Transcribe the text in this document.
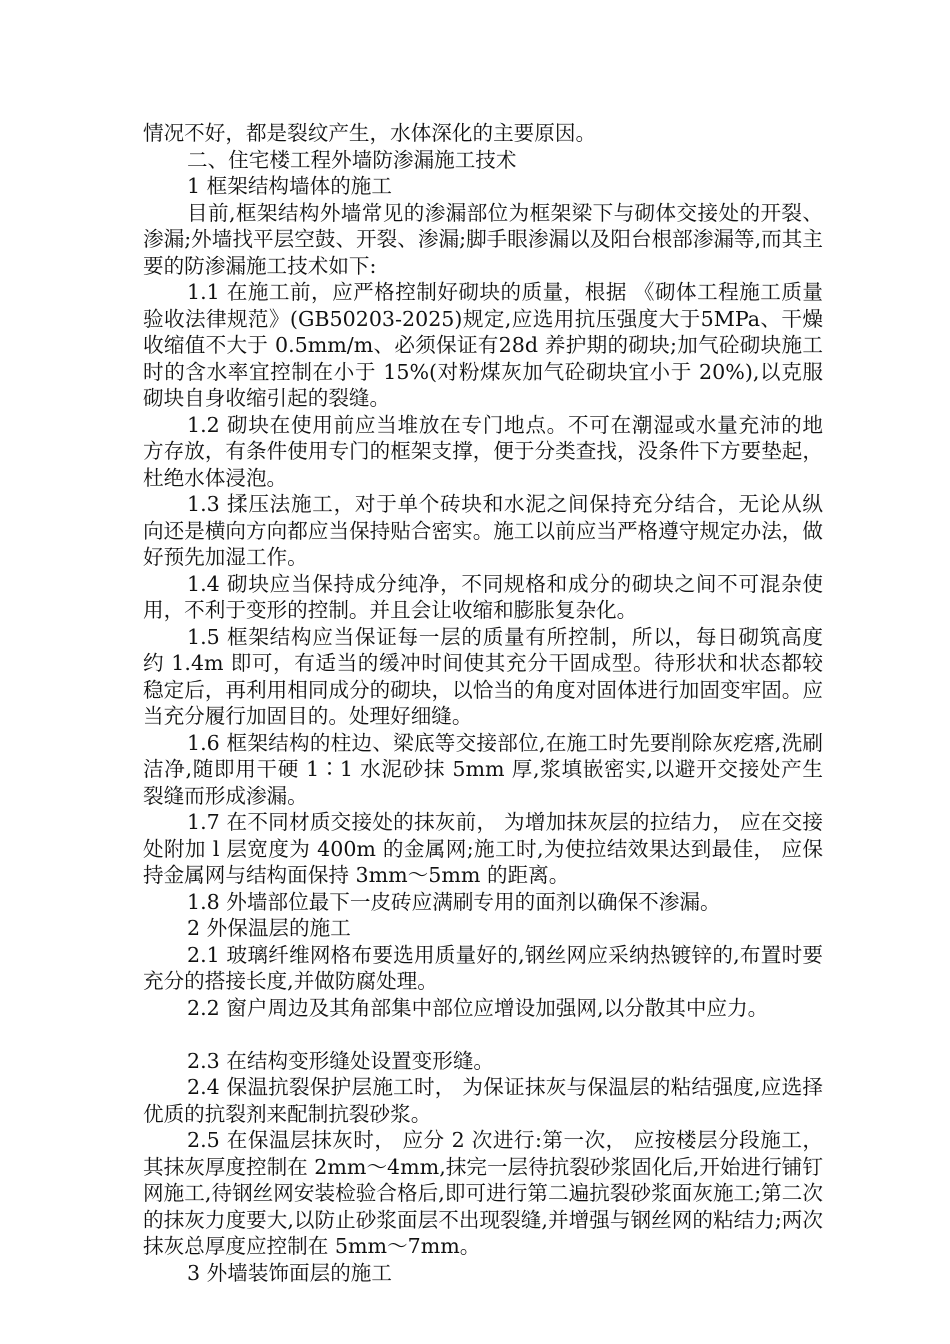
情况不好，都是裂纹产生，水体深化的主要原因。

二、住宅楼工程外墙防渗漏施工技术

1 框架结构墙体的施工

目前,框架结构外墙常见的渗漏部位为框架梁下与砌体交接处的开裂、渗漏;外墙找平层空鼓、开裂、渗漏;脚手眼渗漏以及阳台根部渗漏等,而其主要的防渗漏施工技术如下:

1.1 在施工前，应严格控制好砌块的质量，根据 《砌体工程施工质量验收法律规范》(GB50203-2025)规定,应选用抗压强度大于5MPa、干燥收缩值不大于 0.5mm/m、必须保证有28d 养护期的砌块;加气砼砌块施工时的含水率宜控制在小于 15%(对粉煤灰加气砼砌块宜小于 20%),以克服砌块自身收缩引起的裂缝。

1.2 砌块在使用前应当堆放在专门地点。不可在潮湿或水量充沛的地方存放，有条件使用专门的框架支撑，便于分类查找，没条件下方要垫起，杜绝水体浸泡。

1.3 揉压法施工，对于单个砖块和水泥之间保持充分结合，无论从纵向还是横向方向都应当保持贴合密实。施工以前应当严格遵守规定办法，做好预先加湿工作。

1.4 砌块应当保持成分纯净，不同规格和成分的砌块之间不可混杂使用，不利于变形的控制。并且会让收缩和膨胀复杂化。

1.5 框架结构应当保证每一层的质量有所控制，所以，每日砌筑高度约 1.4m 即可，有适当的缓冲时间使其充分干固成型。待形状和状态都较稳定后，再利用相同成分的砌块，以恰当的角度对固体进行加固变牢固。应当充分履行加固目的。处理好细缝。

1.6 框架结构的柱边、梁底等交接部位,在施工时先要削除灰疙瘩,洗刷洁净,随即用干硬 1∶1 水泥砂抹 5mm 厚,浆填嵌密实,以避开交接处产生裂缝而形成渗漏。

1.7 在不同材质交接处的抹灰前， 为增加抹灰层的拉结力， 应在交接处附加 l 层宽度为 400m 的金属网;施工时,为使拉结效果达到最佳， 应保持金属网与结构面保持 3mm～5mm 的距离。

1.8 外墙部位最下一皮砖应满刷专用的面剂以确保不渗漏。

2 外保温层的施工

2.1 玻璃纤维网格布要选用质量好的,钢丝网应采纳热镀锌的,布置时要充分的搭接长度,并做防腐处理。

2.2 窗户周边及其角部集中部位应增设加强网,以分散其中应力。

2.3 在结构变形缝处设置变形缝。

2.4 保温抗裂保护层施工时， 为保证抹灰与保温层的粘结强度,应选择优质的抗裂剂来配制抗裂砂浆。

2.5 在保温层抹灰时， 应分 2 次进行:第一次， 应按楼层分段施工， 其抹灰厚度控制在 2mm～4mm,抹完一层待抗裂砂浆固化后,开始进行铺钉网施工,待钢丝网安装检验合格后,即可进行第二遍抗裂砂浆面灰施工;第二次的抹灰力度要大,以防止砂浆面层不出现裂缝,并增强与钢丝网的粘结力;两次抹灰总厚度应控制在 5mm～7mm。

3 外墙装饰面层的施工
